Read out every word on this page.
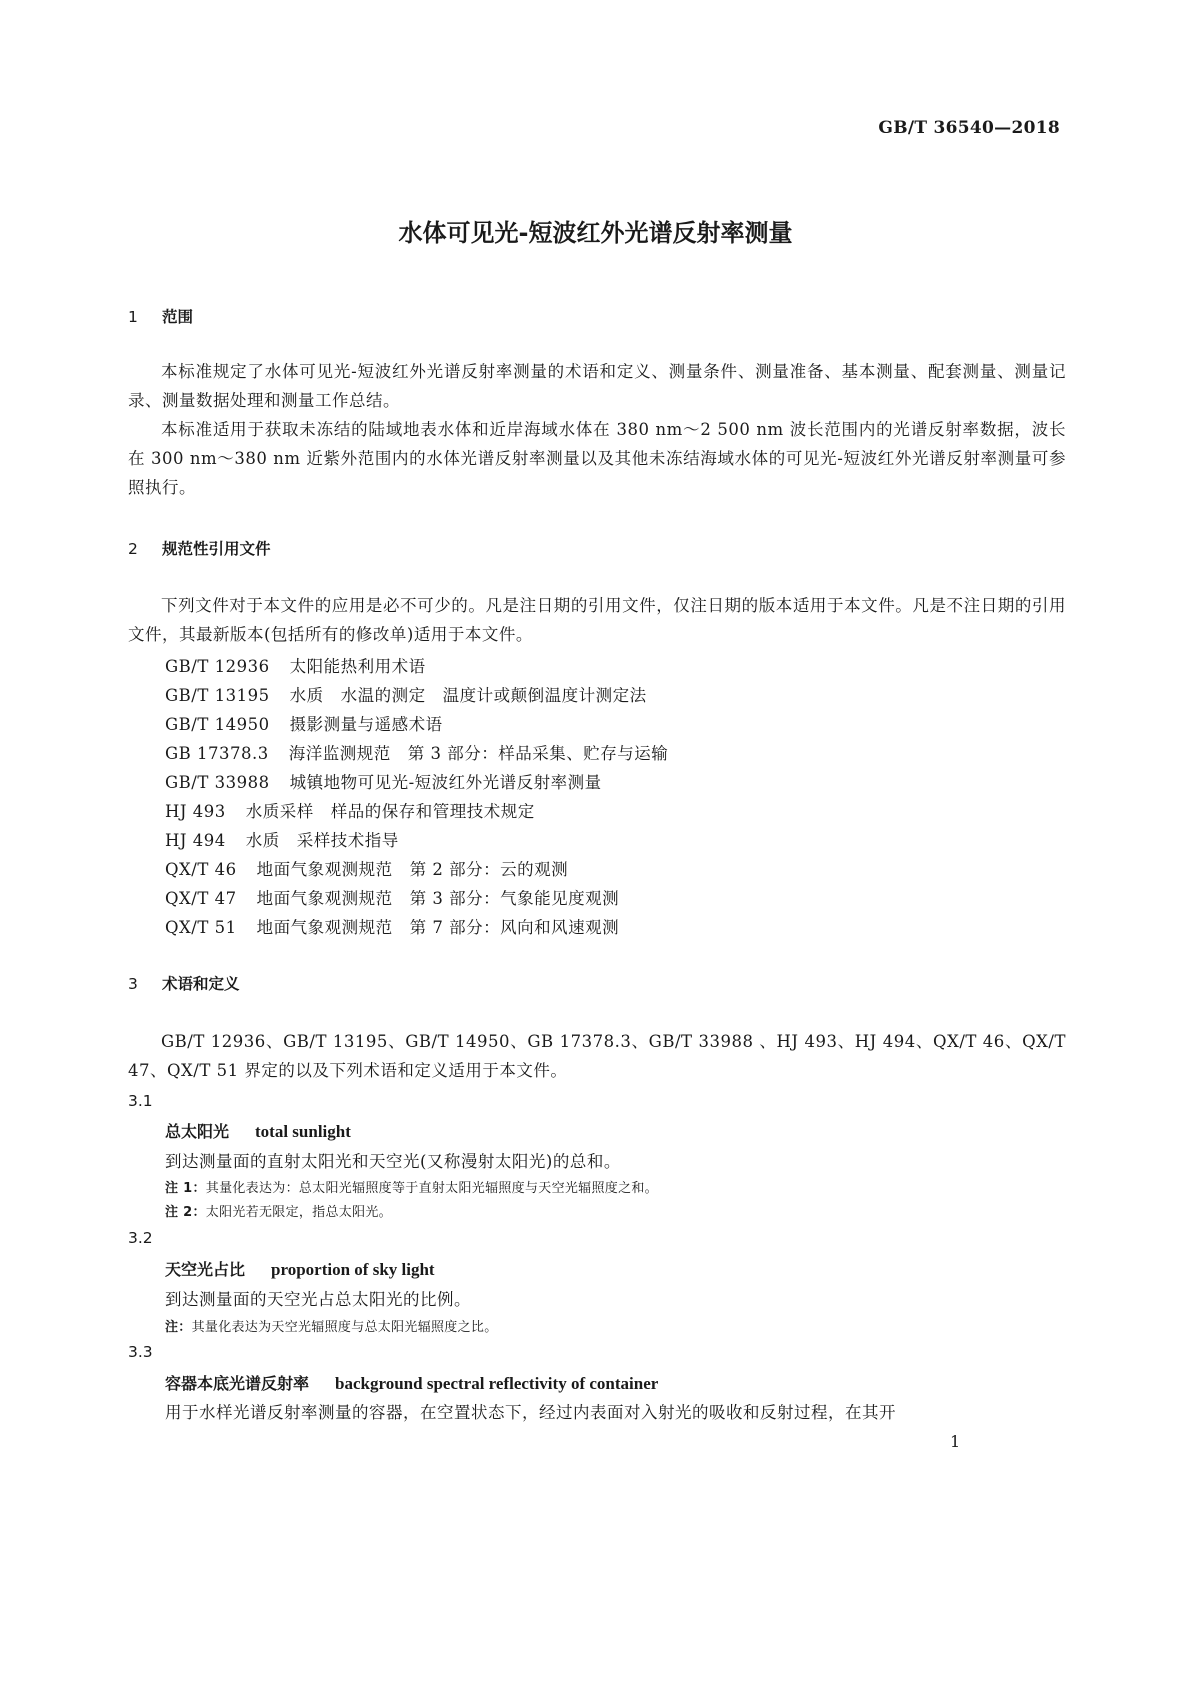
GB/T 36540—2018
水体可见光-短波红外光谱反射率测量
1 范围
本标准规定了水体可见光-短波红外光谱反射率测量的术语和定义、测量条件、测量准备、基本测量、配套测量、测量记录、测量数据处理和测量工作总结。
本标准适用于获取未冻结的陆域地表水体和近岸海域水体在 380 nm～2 500 nm 波长范围内的光谱反射率数据，波长在 300 nm～380 nm 近紫外范围内的水体光谱反射率测量以及其他未冻结海域水体的可见光-短波红外光谱反射率测量可参照执行。
2 规范性引用文件
下列文件对于本文件的应用是必不可少的。凡是注日期的引用文件，仅注日期的版本适用于本文件。凡是不注日期的引用文件，其最新版本(包括所有的修改单)适用于本文件。
GB/T 12936 太阳能热利用术语
GB/T 13195 水质　水温的测定　温度计或颠倒温度计测定法
GB/T 14950 摄影测量与遥感术语
GB 17378.3 海洋监测规范　第 3 部分：样品采集、贮存与运输
GB/T 33988 城镇地物可见光-短波红外光谱反射率测量
HJ 493 水质采样　样品的保存和管理技术规定
HJ 494 水质　采样技术指导
QX/T 46 地面气象观测规范　第 2 部分：云的观测
QX/T 47 地面气象观测规范　第 3 部分：气象能见度观测
QX/T 51 地面气象观测规范　第 7 部分：风向和风速观测
3 术语和定义
GB/T 12936、GB/T 13195、GB/T 14950、GB 17378.3、GB/T 33988 、HJ 493、HJ 494、QX/T 46、QX/T 47、QX/T 51 界定的以及下列术语和定义适用于本文件。
3.1
总太阳光 total sunlight
到达测量面的直射太阳光和天空光(又称漫射太阳光)的总和。
注 1：其量化表达为：总太阳光辐照度等于直射太阳光辐照度与天空光辐照度之和。
注 2：太阳光若无限定，指总太阳光。
3.2
天空光占比 proportion of sky light
到达测量面的天空光占总太阳光的比例。
注：其量化表达为天空光辐照度与总太阳光辐照度之比。
3.3
容器本底光谱反射率 background spectral reflectivity of container
用于水样光谱反射率测量的容器，在空置状态下，经过内表面对入射光的吸收和反射过程，在其开
1
